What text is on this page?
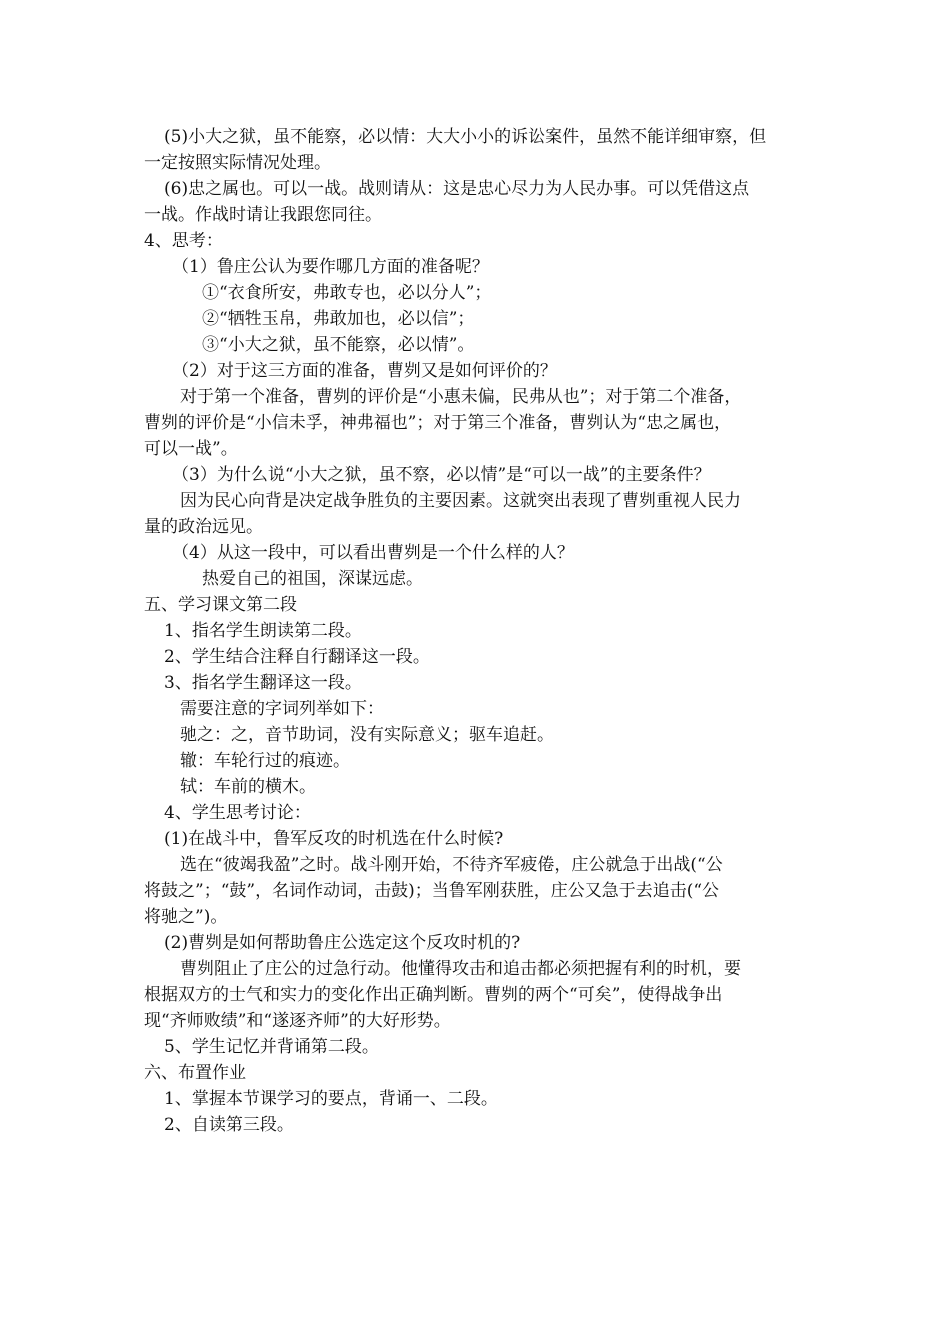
(5)小大之狱，虽不能察，必以情：大大小小的诉讼案件，虽然不能详细审察，但
一定按照实际情况处理。
(6)忠之属也。可以一战。战则请从：这是忠心尽力为人民办事。可以凭借这点
一战。作战时请让我跟您同往。
4、思考：
（1）鲁庄公认为要作哪几方面的准备呢？
①“衣食所安，弗敢专也，必以分人”；
②“牺牲玉帛，弗敢加也，必以信”；
③“小大之狱，虽不能察，必以情”。
（2）对于这三方面的准备，曹刿又是如何评价的？
对于第一个准备，曹刿的评价是“小惠未偏，民弗从也”；对于第二个准备，
曹刿的评价是“小信未孚，神弗福也”；对于第三个准备，曹刿认为“忠之属也，
可以一战”。
（3）为什么说“小大之狱，虽不察，必以情”是“可以一战”的主要条件？
因为民心向背是决定战争胜负的主要因素。这就突出表现了曹刿重视人民力
量的政治远见。
（4）从这一段中，可以看出曹刿是一个什么样的人？
热爱自己的祖国，深谋远虑。
五、学习课文第二段
1、指名学生朗读第二段。
2、学生结合注释自行翻译这一段。
3、指名学生翻译这一段。
需要注意的字词列举如下：
驰之：之，音节助词，没有实际意义；驱车追赶。
辙：车轮行过的痕迹。
轼：车前的横木。
4、学生思考讨论：
(1)在战斗中，鲁军反攻的时机选在什么时候?
选在“彼竭我盈”之时。战斗刚开始，不待齐军疲倦，庄公就急于出战(“公
将鼓之”；“鼓”，名词作动词，击鼓)；当鲁军刚获胜，庄公又急于去追击(“公
将驰之”)。
(2)曹刿是如何帮助鲁庄公选定这个反攻时机的?
曹刿阻止了庄公的过急行动。他懂得攻击和追击都必须把握有利的时机，要
根据双方的士气和实力的变化作出正确判断。曹刿的两个“可矣”，使得战争出
现“齐师败绩”和“遂逐齐师”的大好形势。
5、学生记忆并背诵第二段。
六、布置作业
1、掌握本节课学习的要点，背诵一、二段。
2、自读第三段。
